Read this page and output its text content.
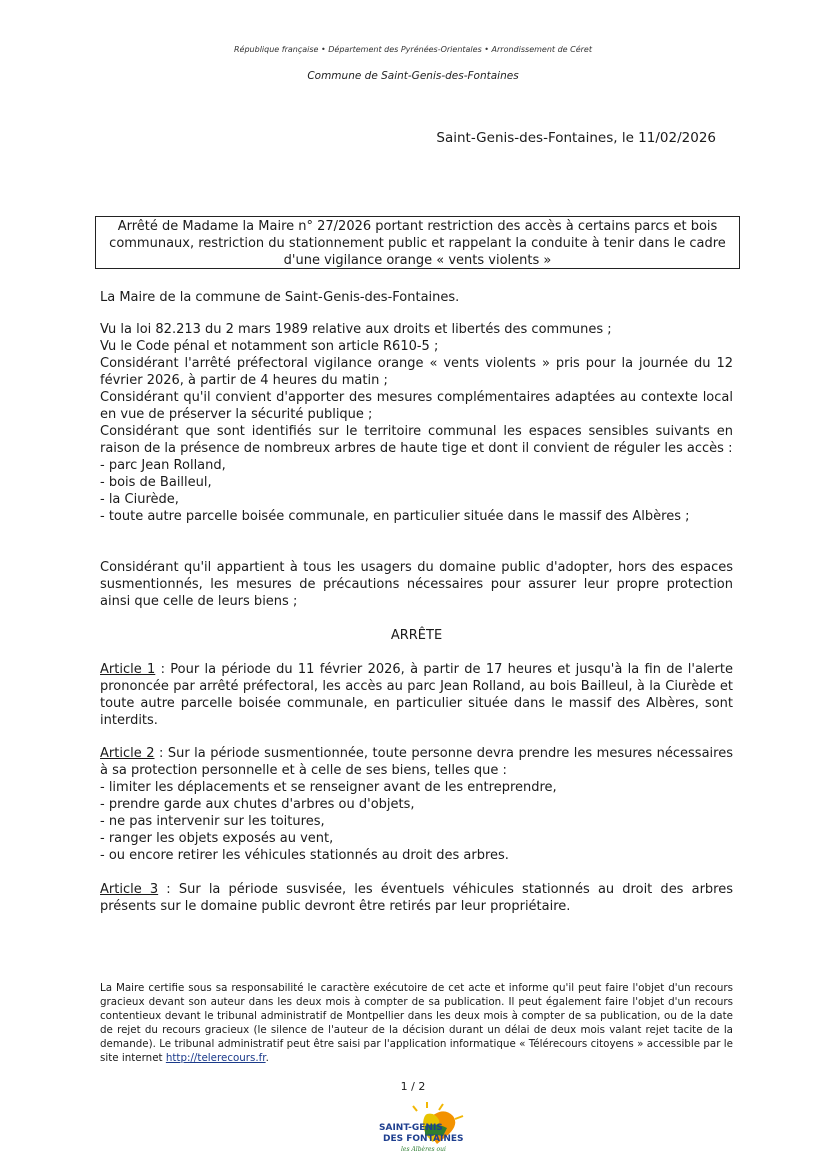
République française • Département des Pyrénées-Orientales • Arrondissement de Céret
Commune de Saint-Genis-des-Fontaines
Saint-Genis-des-Fontaines, le 11/02/2026
Arrêté de Madame la Maire n° 27/2026 portant restriction des accès à certains parcs et bois communaux, restriction du stationnement public et rappelant la conduite à tenir dans le cadre d'une vigilance orange « vents violents »

La Maire de la commune de Saint-Genis-des-Fontaines.

Vu la loi 82.213 du 2 mars 1989 relative aux droits et libertés des communes ;

Vu le Code pénal et notamment son article R610-5 ;

Considérant l'arrêté préfectoral vigilance orange « vents violents » pris pour la journée du 12 février 2026, à partir de 4 heures du matin ;

Considérant qu'il convient d'apporter des mesures complémentaires adaptées au contexte local en vue de préserver la sécurité publique ;

Considérant que sont identifiés sur le territoire communal les espaces sensibles suivants en raison de la présence de nombreux arbres de haute tige et dont il convient de réguler les accès :

- parc Jean Rolland,

- bois de Bailleul,

- la Ciurède,

- toute autre parcelle boisée communale, en particulier située dans le massif des Albères ;

Considérant qu'il appartient à tous les usagers du domaine public d'adopter, hors des espaces susmentionnés, les mesures de précautions nécessaires pour assurer leur propre protection ainsi que celle de leurs biens ;

ARRÊTE

Article 1 : Pour la période du 11 février 2026, à partir de 17 heures et jusqu'à la fin de l'alerte prononcée par arrêté préfectoral, les accès au parc Jean Rolland, au bois Bailleul, à la Ciurède et toute autre parcelle boisée communale, en particulier située dans le massif des Albères, sont interdits.

Article 2 : Sur la période susmentionnée, toute personne devra prendre les mesures nécessaires à sa protection personnelle et à celle de ses biens, telles que :

- limiter les déplacements et se renseigner avant de les entreprendre,

- prendre garde aux chutes d'arbres ou d'objets,

- ne pas intervenir sur les toitures,

- ranger les objets exposés au vent,

- ou encore retirer les véhicules stationnés au droit des arbres.

Article 3 : Sur la période susvisée, les éventuels véhicules stationnés au droit des arbres présents sur le domaine public devront être retirés par leur propriétaire.

La Maire certifie sous sa responsabilité le caractère exécutoire de cet acte et informe qu'il peut faire l'objet d'un recours gracieux devant son auteur dans les deux mois à compter de sa publication. Il peut également faire l'objet d'un recours contentieux devant le tribunal administratif de Montpellier dans les deux mois à compter de sa publication, ou de la date de rejet du recours gracieux (le silence de l'auteur de la décision durant un délai de deux mois valant rejet tacite de la demande). Le tribunal administratif peut être saisi par l'application informatique « Télérecours citoyens » accessible par le site internet http://telerecours.fr.
1 / 2
SAINT-GENIS
DES FONTAINES
les Albères oui
